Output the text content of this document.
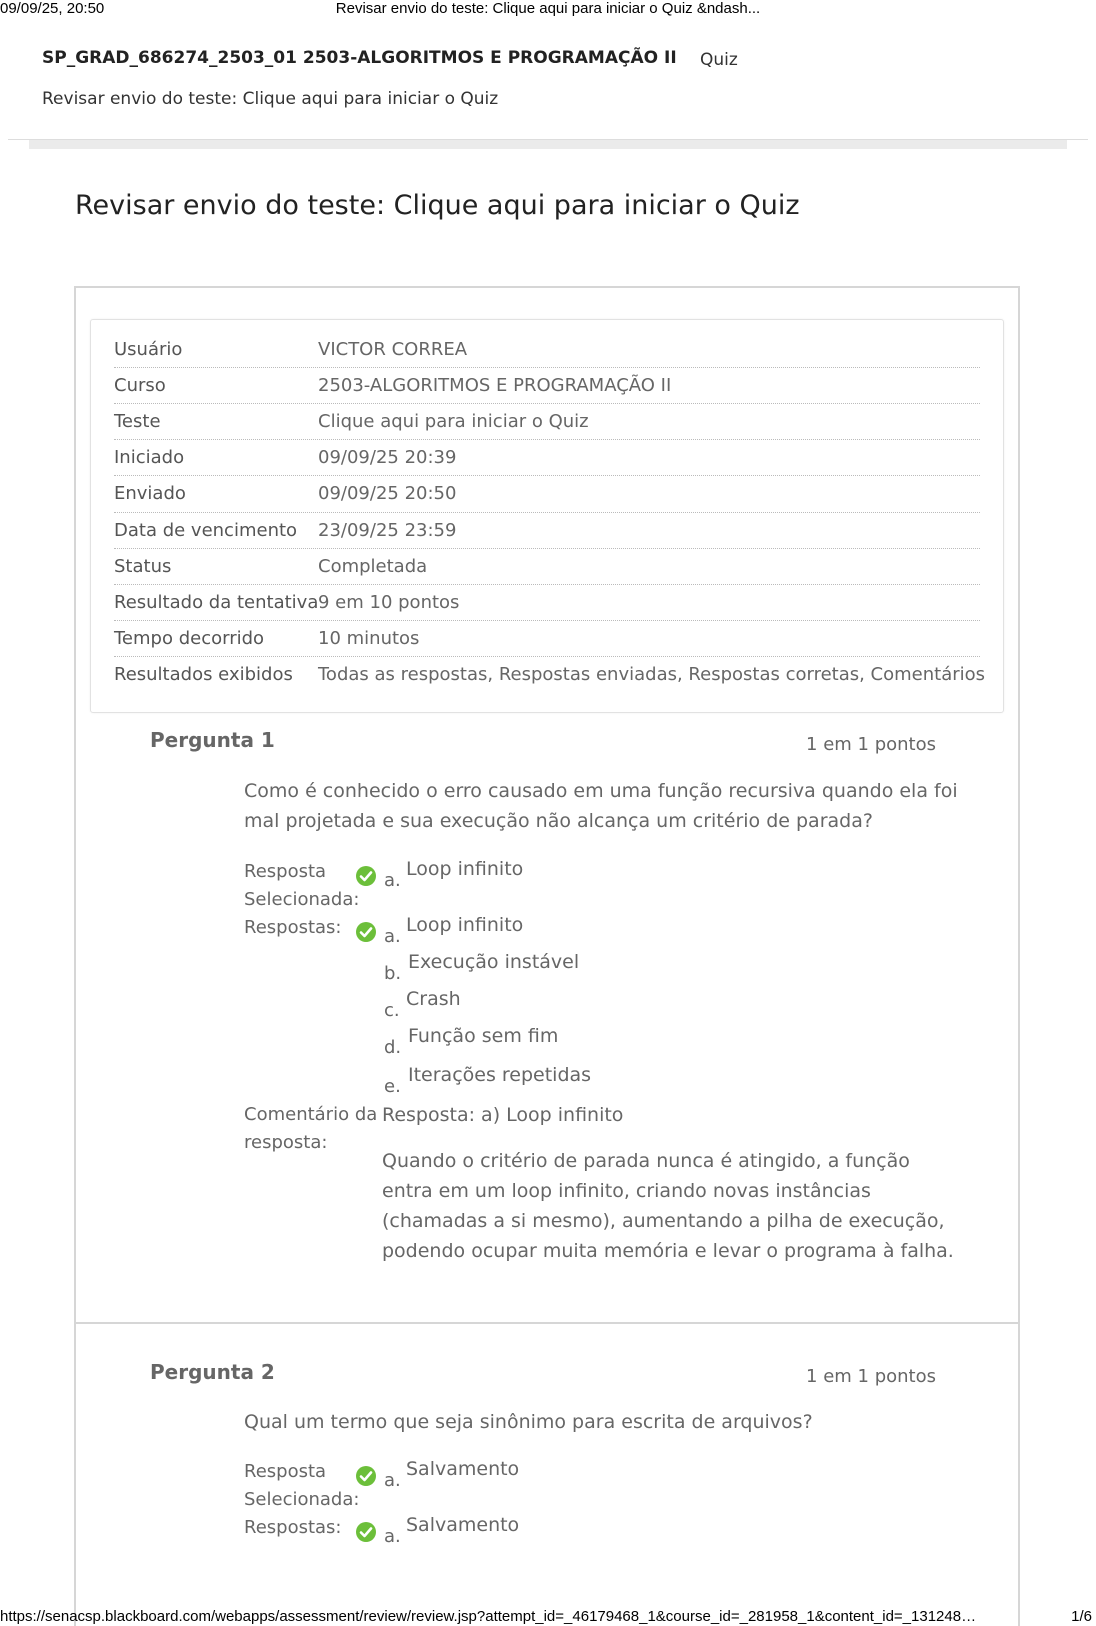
09/09/25, 20:50	Revisar envio do teste: Clique aqui para iniciar o Quiz &ndash...
SP_GRAD_686274_2503_01 2503-ALGORITMOS E PROGRAMAÇÃO II Quiz
Revisar envio do teste: Clique aqui para iniciar o Quiz
Revisar envio do teste: Clique aqui para iniciar o Quiz
Usuário	VICTOR CORREA
Curso	2503-ALGORITMOS E PROGRAMAÇÃO II
Teste	Clique aqui para iniciar o Quiz
Iniciado	09/09/25 20:39
Enviado	09/09/25 20:50
Data de vencimento 23/09/25 23:59
Status	Completada
Resultado da tentativa 9 em 10 pontos
Tempo decorrido	10 minutos
Resultados exibidos Todas as respostas, Respostas enviadas, Respostas corretas, Comentários
Pergunta 1	1 em 1 pontos
Como é conhecido o erro causado em uma função recursiva quando ela foi mal projetada e sua execução não alcança um critério de parada?
Resposta
Selecionada:
a.
Loop infinito
Respostas: a.
Loop infinito
b.
Execução instável
c.
Crash
d.
Função sem fim
e.
Iterações repetidas
Comentário da
resposta:
Resposta: a) Loop infinito
Quando o critério de parada nunca é atingido, a função entra em um loop infinito, criando novas instâncias (chamadas a si mesmo), aumentando a pilha de execução, podendo ocupar muita memória e levar o programa à falha.
Pergunta 2	1 em 1 pontos
Qual um termo que seja sinônimo para escrita de arquivos?
Resposta
Selecionada:
a.
Salvamento
Respostas: a.
Salvamento
https://senacsp.blackboard.com/webapps/assessment/review/review.jsp?attempt_id=_46179468_1&course_id=_281958_1&content_id=_131248…	1/6
